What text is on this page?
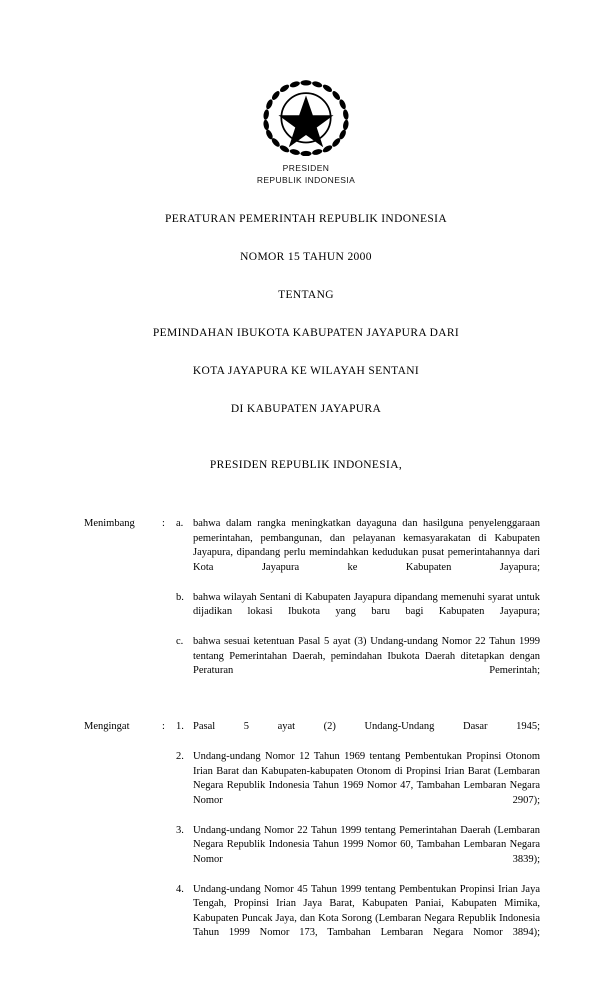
PRESIDEN
REPUBLIK INDONESIA
PERATURAN PEMERINTAH REPUBLIK INDONESIA
NOMOR 15 TAHUN 2000
TENTANG
PEMINDAHAN IBUKOTA KABUPATEN JAYAPURA DARI
KOTA JAYAPURA KE WILAYAH SENTANI
DI KABUPATEN JAYAPURA
PRESIDEN REPUBLIK INDONESIA,
Menimbang	:	a. bahwa dalam rangka meningkatkan dayaguna dan hasilguna penyelenggaraan pemerintahan, pembangunan, dan pelayanan kemasyarakatan di Kabupaten Jayapura, dipandang perlu memindahkan kedudukan pusat pemerintahannya dari Kota Jayapura ke Kabupaten Jayapura;
b. bahwa wilayah Sentani di Kabupaten Jayapura dipandang memenuhi syarat untuk dijadikan lokasi Ibukota yang baru bagi Kabupaten Jayapura;
c. bahwa sesuai ketentuan Pasal 5 ayat (3) Undang-undang Nomor 22 Tahun 1999 tentang Pemerintahan Daerah, pemindahan Ibukota Daerah ditetapkan dengan Peraturan Pemerintah;
Mengingat	:	1. Pasal 5 ayat (2) Undang-Undang Dasar 1945;
2. Undang-undang Nomor 12 Tahun 1969 tentang Pembentukan Propinsi Otonom Irian Barat dan Kabupaten-kabupaten Otonom di Propinsi Irian Barat (Lembaran Negara Republik Indonesia Tahun 1969 Nomor 47, Tambahan Lembaran Negara Nomor 2907);
3. Undang-undang Nomor 22 Tahun 1999 tentang Pemerintahan Daerah (Lembaran Negara Republik Indonesia Tahun 1999 Nomor 60, Tambahan Lembaran Negara Nomor 3839);
4. Undang-undang Nomor 45 Tahun 1999 tentang Pembentukan Propinsi Irian Jaya Tengah, Propinsi Irian Jaya Barat, Kabupaten Paniai, Kabupaten Mimika, Kabupaten Puncak Jaya, dan Kota Sorong (Lembaran Negara Republik Indonesia Tahun 1999 Nomor 173, Tambahan Lembaran Negara Nomor 3894);
